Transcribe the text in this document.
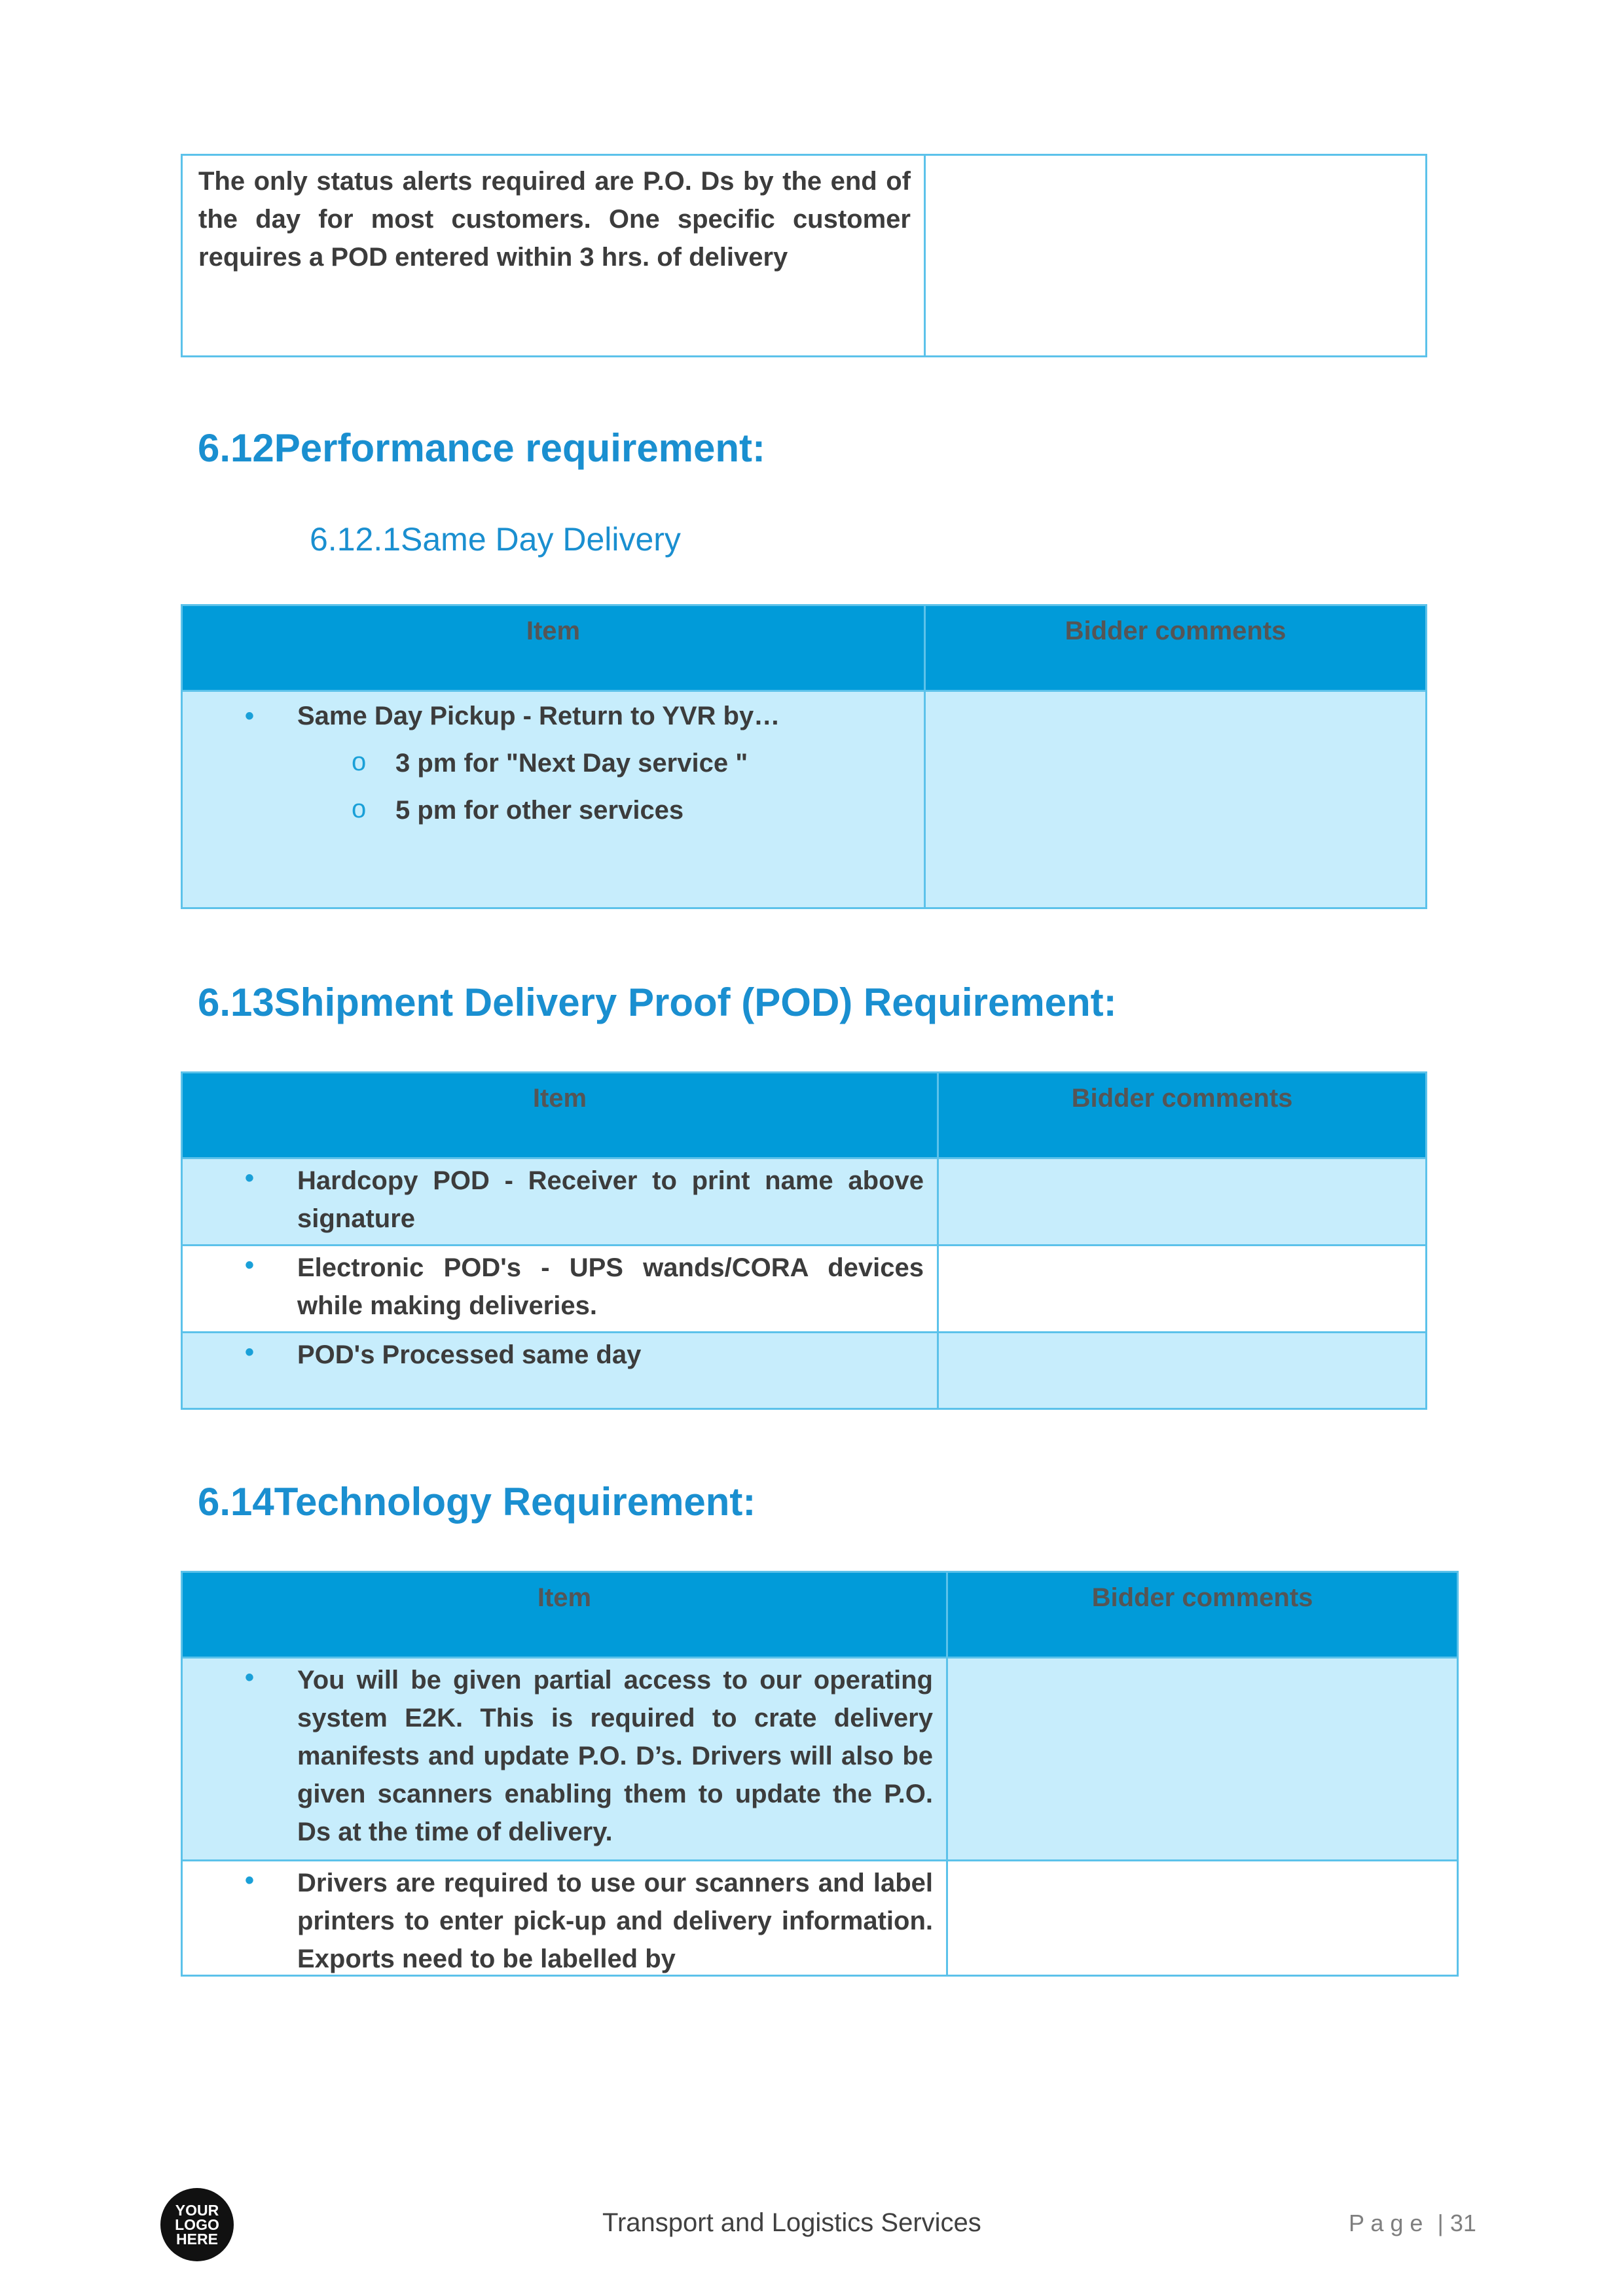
The only status alerts required are P.O. Ds by the end of the day for most customers. One specific customer requires a POD entered within 3 hrs. of delivery

6.12Performance requirement:
6.12.1Same Day Delivery
Item	Bidder comments

• Same Day Pickup - Return to YVR by…
o 3 pm for "Next Day service "
o 5 pm for other services

6.13Shipment Delivery Proof (POD) Requirement:
Item	Bidder comments

• Hardcopy POD - Receiver to print name above signature

• Electronic POD's - UPS wands/CORA devices while making deliveries.

• POD's Processed same day

6.14Technology Requirement:
Item	Bidder comments

• You will be given partial access to our operating system E2K. This is required to crate delivery manifests and update P.O. D’s. Drivers will also be given scanners enabling them to update the P.O. Ds at the time of delivery.

• Drivers are required to use our scanners and label printers to enter pick-up and delivery information. Exports need to be labelled by

YOUR
LOGO
HERE
Transport and Logistics Services	P a g e | 31
